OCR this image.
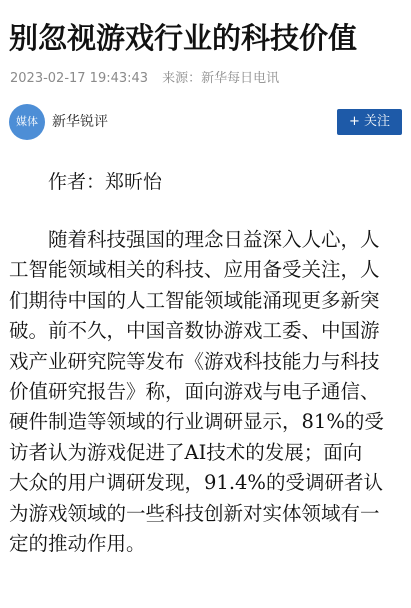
别忽视游戏行业的科技价值
2023-02-17 19:43:43 来源：新华每日电讯
媒体	新华锐评	+ 关注
作者：郑昕怡
　　随着科技强国的理念日益深入人心，人
工智能领域相关的科技、应用备受关注，人
们期待中国的人工智能领域能涌现更多新突
破。前不久，中国音数协游戏工委、中国游
戏产业研究院等发布《游戏科技能力与科技
价值研究报告》称，面向游戏与电子通信、
硬件制造等领域的行业调研显示，81%的受
访者认为游戏促进了AI技术的发展；面向
大众的用户调研发现，91.4%的受调研者认
为游戏领域的一些科技创新对实体领域有一
定的推动作用。
